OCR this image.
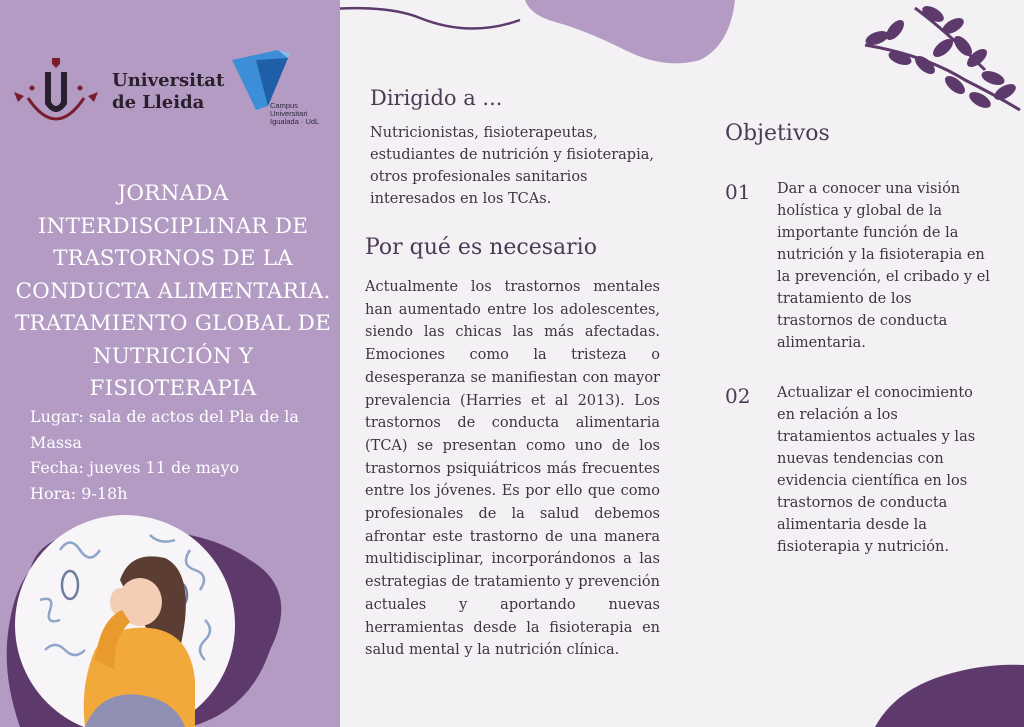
Universitat
de Lleida	Campus
Universitari
Igualada · UdL
JORNADA
INTERDISCIPLINAR DE
TRASTORNOS DE LA
CONDUCTA ALIMENTARIA.
TRATAMIENTO GLOBAL DE
NUTRICIÓN Y FISIOTERAPIA
Lugar: sala de actos del Pla de la
Massa
Fecha: jueves 11 de mayo
Hora: 9-18h
Dirigido a ...
Nutricionistas, fisioterapeutas, estudiantes de nutrición y fisioterapia, otros profesionales sanitarios interesados en los TCAs.
Por qué es necesario
Actualmente los trastornos mentales han aumentado entre los adolescentes, siendo las chicas las más afectadas. Emociones como la tristeza o desesperanza se manifiestan con mayor prevalencia (Harries et al 2013). Los trastornos de conducta alimentaria (TCA) se presentan como uno de los trastornos psiquiátricos más frecuentes entre los jóvenes. Es por ello que como profesionales de la salud debemos afrontar este trastorno de una manera multidisciplinar, incorporándonos a las estrategias de tratamiento y prevención actuales y aportando nuevas herramientas desde la fisioterapia en salud mental y la nutrición clínica.
Objetivos
01 Dar a conocer una visión holística y global de la importante función de la nutrición y la fisioterapia en la prevención, el cribado y el tratamiento de los trastornos de conducta alimentaria.
02 Actualizar el conocimiento en relación a los tratamientos actuales y las nuevas tendencias con evidencia científica en los trastornos de conducta alimentaria desde la fisioterapia y nutrición.
